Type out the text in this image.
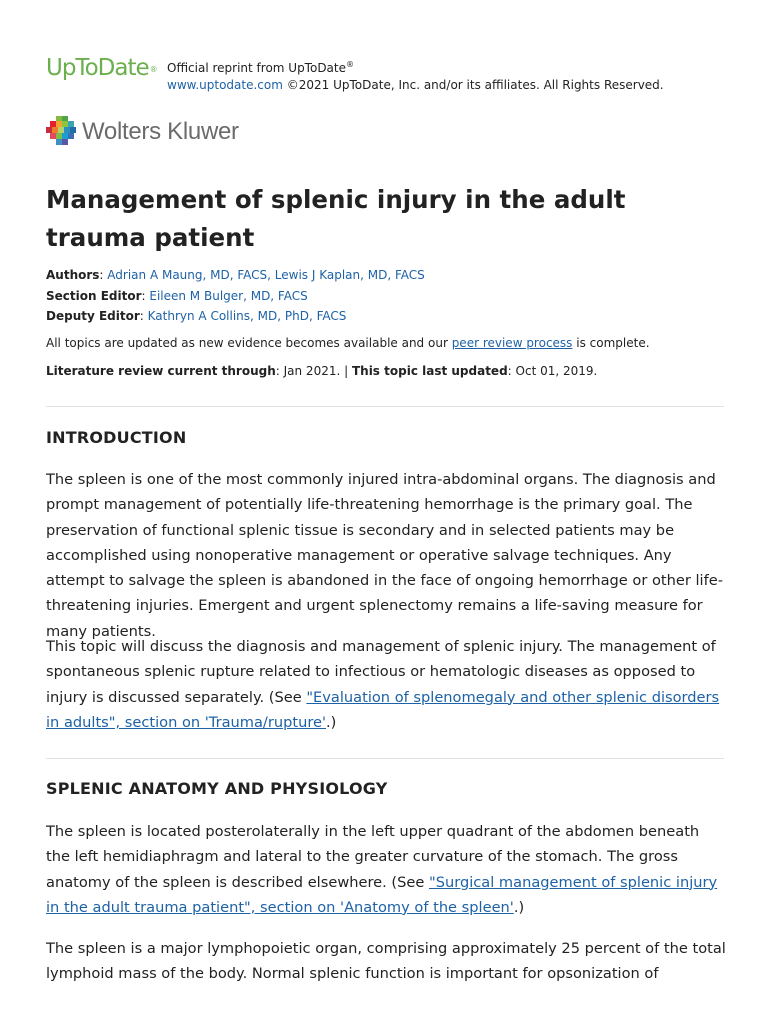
UpToDate® Official reprint from UpToDate®
www.uptodate.com ©2021 UpToDate, Inc. and/or its affiliates. All Rights Reserved.
Wolters Kluwer
Management of splenic injury in the adult trauma patient
Authors: Adrian A Maung, MD, FACS, Lewis J Kaplan, MD, FACS
Section Editor: Eileen M Bulger, MD, FACS
Deputy Editor: Kathryn A Collins, MD, PhD, FACS
All topics are updated as new evidence becomes available and our peer review process is complete.
Literature review current through: Jan 2021. | This topic last updated: Oct 01, 2019.
INTRODUCTION

The spleen is one of the most commonly injured intra-abdominal organs. The diagnosis and prompt management of potentially life-threatening hemorrhage is the primary goal. The preservation of functional splenic tissue is secondary and in selected patients may be accomplished using nonoperative management or operative salvage techniques. Any attempt to salvage the spleen is abandoned in the face of ongoing hemorrhage or other life-threatening injuries. Emergent and urgent splenectomy remains a life-saving measure for many patients.

This topic will discuss the diagnosis and management of splenic injury. The management of spontaneous splenic rupture related to infectious or hematologic diseases as opposed to injury is discussed separately. (See "Evaluation of splenomegaly and other splenic disorders in adults", section on 'Trauma/rupture'.)

SPLENIC ANATOMY AND PHYSIOLOGY

The spleen is located posterolaterally in the left upper quadrant of the abdomen beneath the left hemidiaphragm and lateral to the greater curvature of the stomach. The gross anatomy of the spleen is described elsewhere. (See "Surgical management of splenic injury in the adult trauma patient", section on 'Anatomy of the spleen'.)

The spleen is a major lymphopoietic organ, comprising approximately 25 percent of the total lymphoid mass of the body. Normal splenic function is important for opsonization of
